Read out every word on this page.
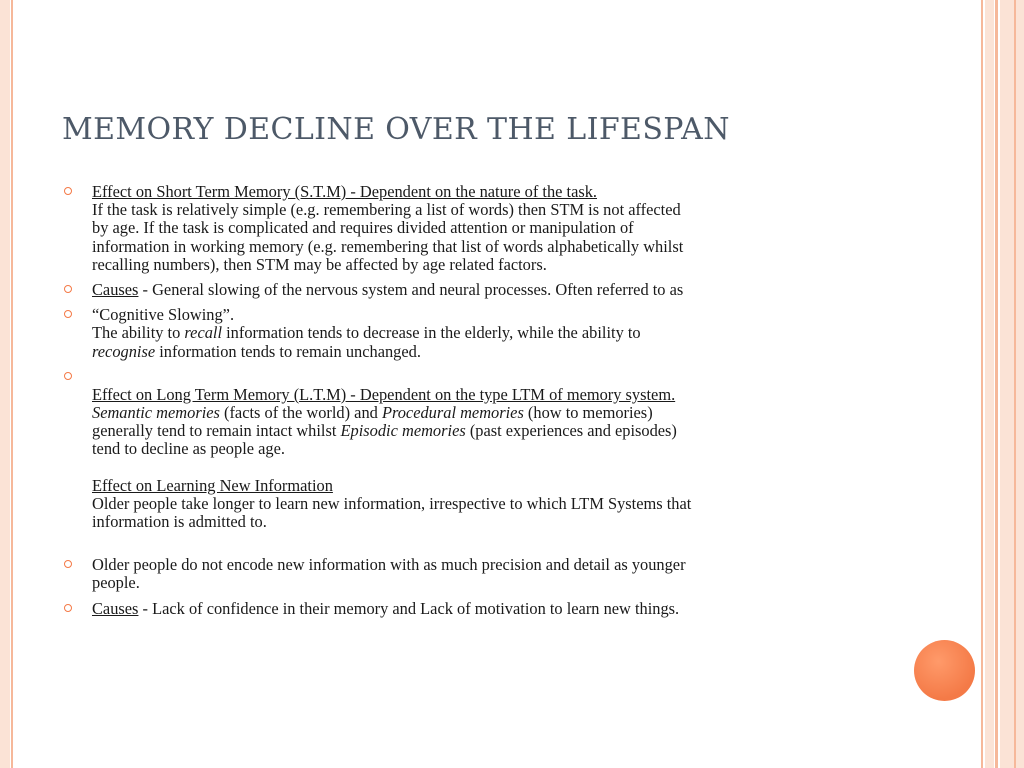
MEMORY DECLINE OVER THE LIFESPAN
Effect on Short Term Memory (S.T.M) - Dependent on the nature of the task.
If the task is relatively simple (e.g. remembering a list of words) then STM is not affected
by age. If the task is complicated and requires divided attention or manipulation of
information in working memory (e.g. remembering that list of words alphabetically whilst
recalling numbers), then STM may be affected by age related factors.
Causes - General slowing of the nervous system and neural processes. Often referred to as
“Cognitive Slowing”.
The ability to recall information tends to decrease in the elderly, while the ability to
recognise information tends to remain unchanged.
Effect on Long Term Memory (L.T.M) - Dependent on the type LTM of memory system.
Semantic memories (facts of the world) and Procedural memories (how to memories)
generally tend to remain intact whilst Episodic memories (past experiences and episodes)
tend to decline as people age.
Effect on Learning New Information
Older people take longer to learn new information, irrespective to which LTM Systems that
information is admitted to.
Older people do not encode new information with as much precision and detail as younger
people.
Causes - Lack of confidence in their memory and Lack of motivation to learn new things.
